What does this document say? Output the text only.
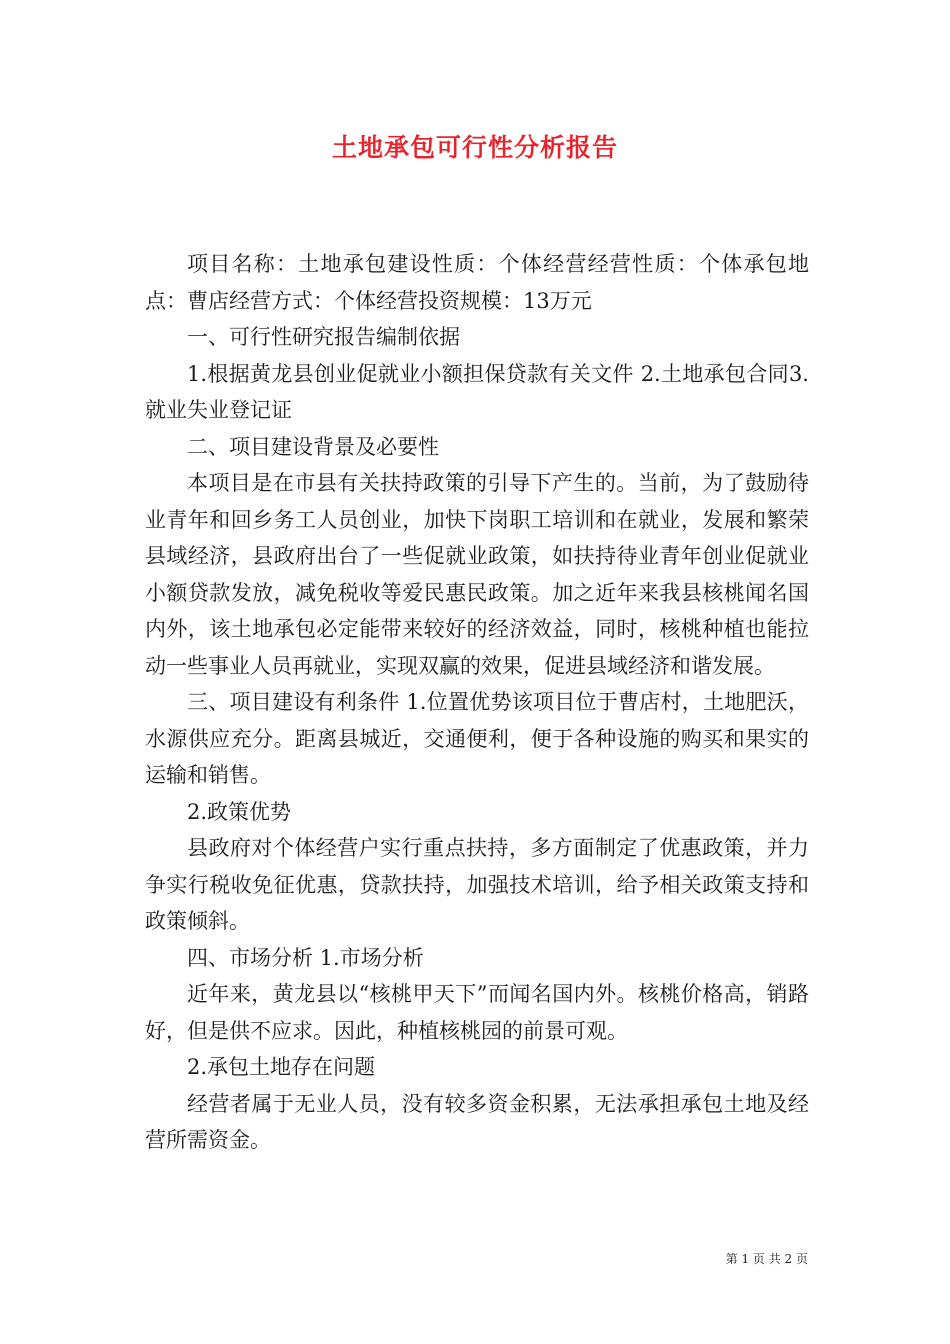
土地承包可行性分析报告

项目名称：土地承包建设性质：个体经营经营性质：个体承包地点：曹店经营方式：个体经营投资规模：13万元

一、可行性研究报告编制依据

1.根据黄龙县创业促就业小额担保贷款有关文件 2.土地承包合同3.就业失业登记证

二、项目建设背景及必要性

本项目是在市县有关扶持政策的引导下产生的。当前，为了鼓励待业青年和回乡务工人员创业，加快下岗职工培训和在就业，发展和繁荣县域经济，县政府出台了一些促就业政策，如扶持待业青年创业促就业小额贷款发放，减免税收等爱民惠民政策。加之近年来我县核桃闻名国内外，该土地承包必定能带来较好的经济效益，同时，核桃种植也能拉动一些事业人员再就业，实现双赢的效果，促进县域经济和谐发展。

三、项目建设有利条件 1.位置优势该项目位于曹店村，土地肥沃，水源供应充分。距离县城近，交通便利，便于各种设施的购买和果实的运输和销售。

2.政策优势

县政府对个体经营户实行重点扶持，多方面制定了优惠政策，并力争实行税收免征优惠，贷款扶持，加强技术培训，给予相关政策支持和政策倾斜。

四、市场分析 1.市场分析

近年来，黄龙县以“核桃甲天下”而闻名国内外。核桃价格高，销路好，但是供不应求。因此，种植核桃园的前景可观。

2.承包土地存在问题

经营者属于无业人员，没有较多资金积累，无法承担承包土地及经营所需资金。

第 1 页 共 2 页
